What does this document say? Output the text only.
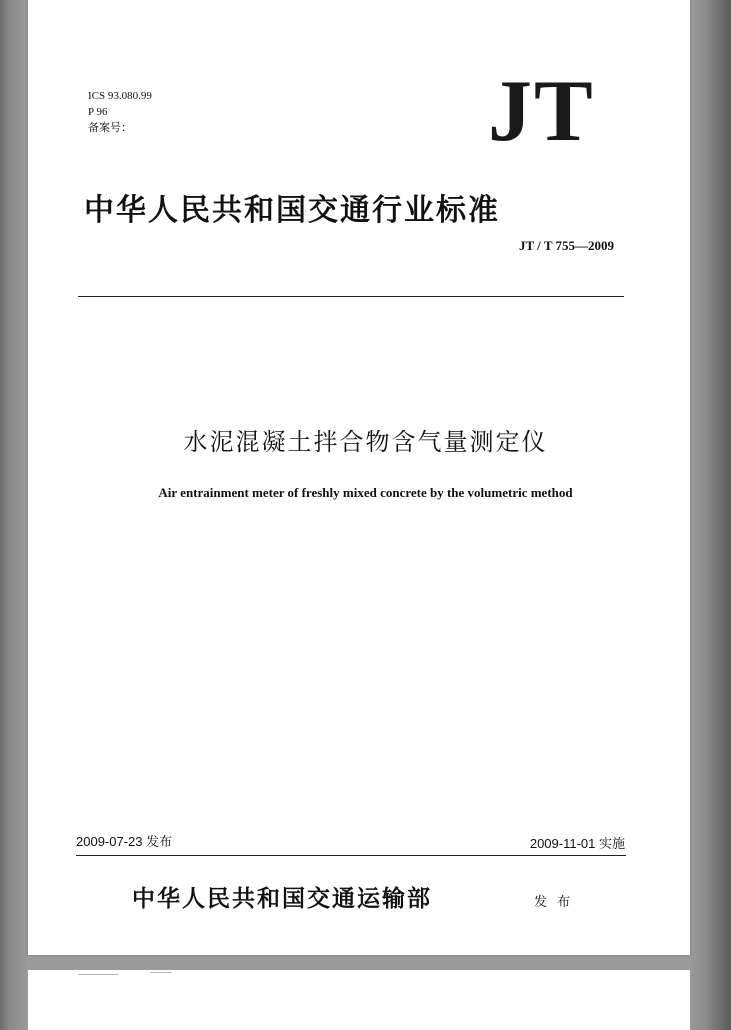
ICS 93.080.99
P 96
备案号：	JT
中华人民共和国交通行业标准
JT / T 755—2009
水泥混凝土拌合物含气量测定仪
Air entrainment meter of freshly mixed concrete by the volumetric method
2009-07-23 发布	2009-11-01 实施
中华人民共和国交通运输部	发 布
